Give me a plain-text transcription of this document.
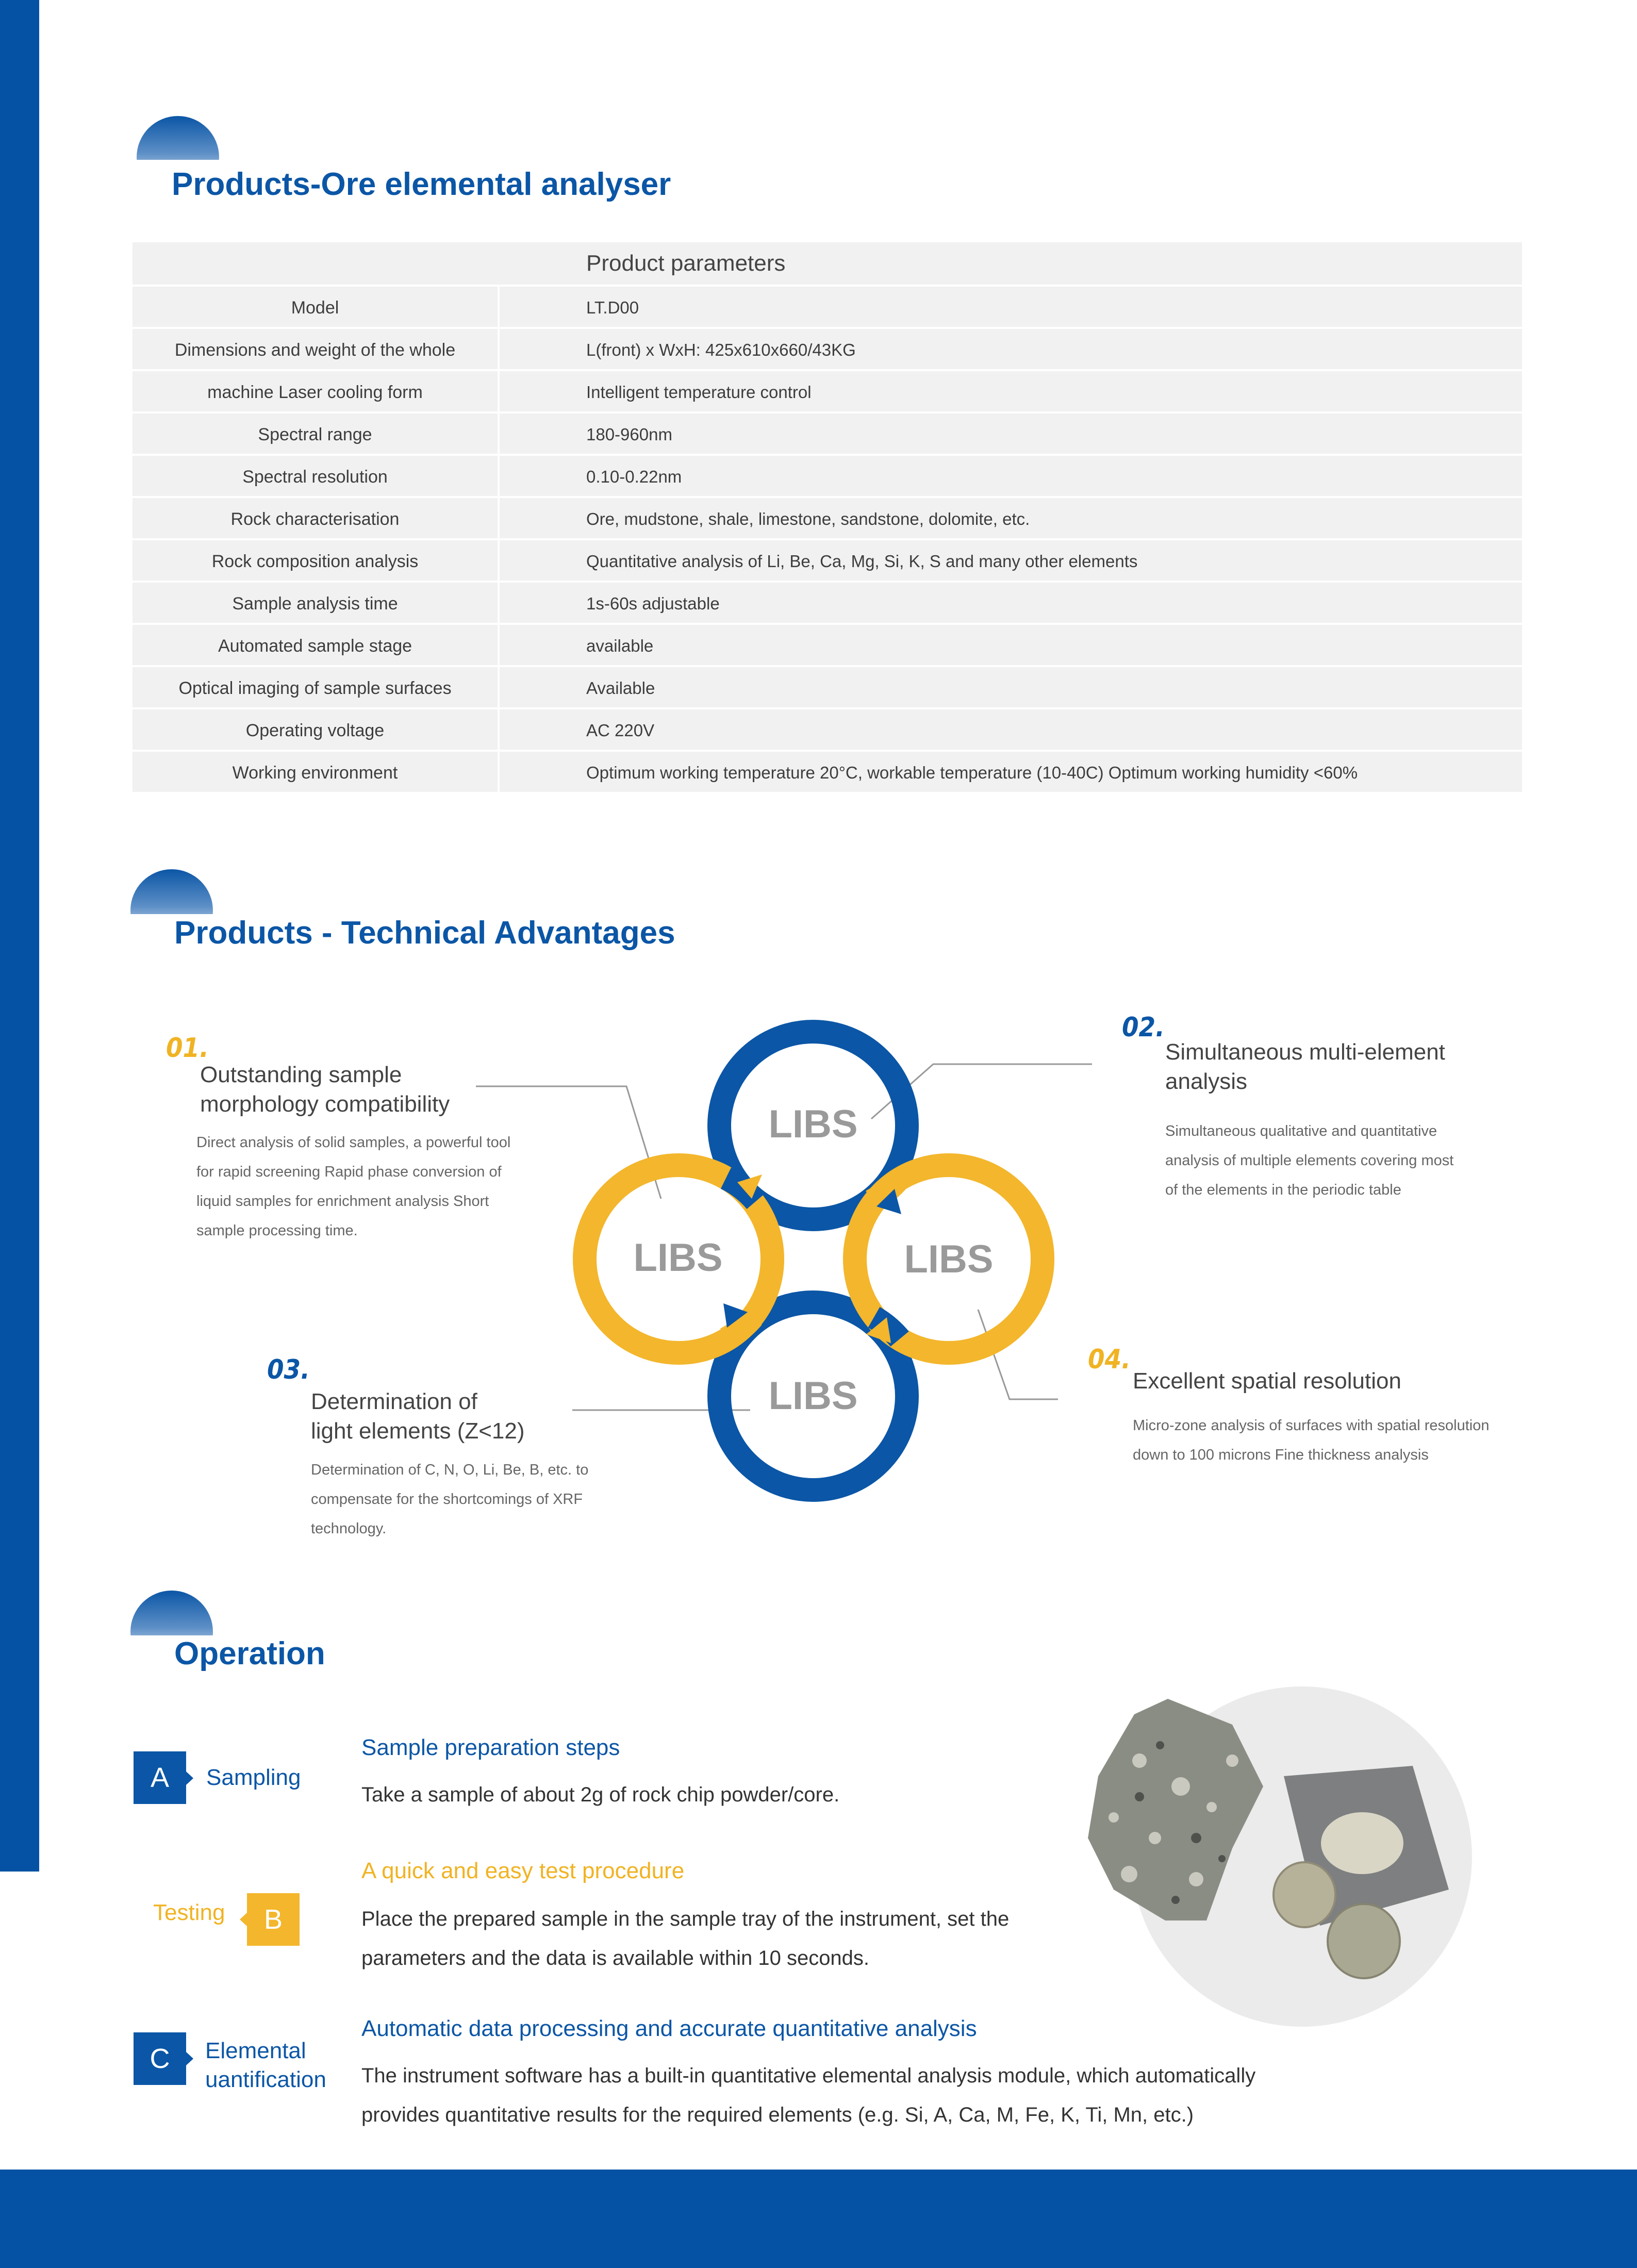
Products-Ore elemental analyser
Product parameters
LT.D00
Model
L(front) x WxH: 425x610x660/43KG
Dimensions and weight of the whole
Intelligent temperature control
machine Laser cooling form
180-960nm
Spectral range
0.10-0.22nm
Spectral resolution
Ore, mudstone, shale, limestone, sandstone, dolomite, etc.
Rock characterisation
Quantitative analysis of Li, Be, Ca, Mg, Si, K, S and many other elements
Rock composition analysis
1s-60s adjustable
Sample analysis time
available
Automated sample stage
Available
Optical imaging of sample surfaces
AC 220V
Operating voltage
Optimum working temperature 20°C, workable temperature (10-40C) Optimum working humidity <60%
Working environment
Products - Technical Advantages
LIBS
LIBS	LIBS
LIBS
01.
Outstanding sample
morphology compatibility
Direct analysis of solid samples, a powerful tool
for rapid screening Rapid phase conversion of
liquid samples for enrichment analysis Short
sample processing time.
02.
Simultaneous multi-element
analysis
Simultaneous qualitative and quantitative
analysis of multiple elements covering most
of the elements in the periodic table
03.
Determination of
light elements (Z<12)
Determination of C, N, O, Li, Be, B, etc. to
compensate for the shortcomings of XRF
technology.
04.
Excellent spatial resolution
Micro-zone analysis of surfaces with spatial resolution
down to 100 microns Fine thickness analysis
Operation
A Sampling
Sample preparation steps
Take a sample of about 2g of rock chip powder/core.
Testing B
A quick and easy test procedure
Place the prepared sample in the sample tray of the instrument, set the
parameters and the data is available within 10 seconds.
C Elemental
uantification
Automatic data processing and accurate quantitative analysis
The instrument software has a built-in quantitative elemental analysis module, which automatically
provides quantitative results for the required elements (e.g. Si, A, Ca, M, Fe, K, Ti, Mn, etc.)
